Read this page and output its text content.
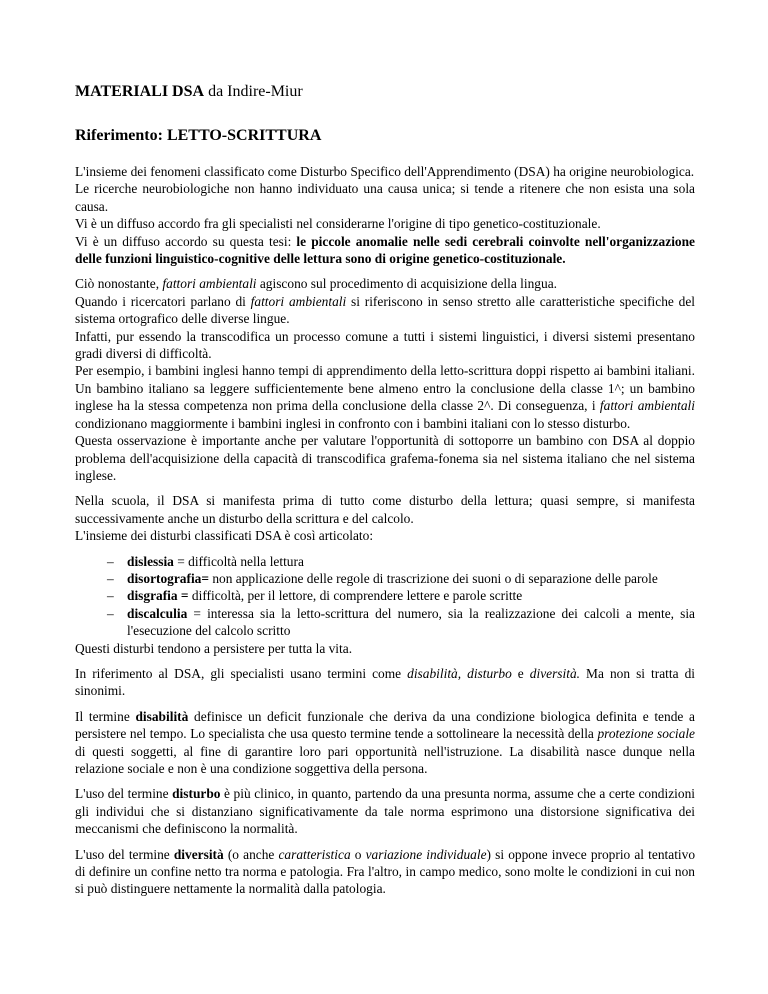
MATERIALI DSA da Indire-Miur
Riferimento: LETTO-SCRITTURA

L'insieme dei fenomeni classificato come Disturbo Specifico dell'Apprendimento (DSA) ha origine neurobiologica.
Le ricerche neurobiologiche non hanno individuato una causa unica; si tende a ritenere che non esista una sola causa.
Vi è un diffuso accordo fra gli specialisti nel considerarne l'origine di tipo genetico-costituzionale.
Vi è un diffuso accordo su questa tesi: le piccole anomalie nelle sedi cerebrali coinvolte nell'organizzazione delle funzioni linguistico-cognitive delle lettura sono di origine genetico-costituzionale.

Ciò nonostante, fattori ambientali agiscono sul procedimento di acquisizione della lingua.
Quando i ricercatori parlano di fattori ambientali si riferiscono in senso stretto alle caratteristiche specifiche del sistema ortografico delle diverse lingue.
Infatti, pur essendo la transcodifica un processo comune a tutti i sistemi linguistici, i diversi sistemi presentano gradi diversi di difficoltà.
Per esempio, i bambini inglesi hanno tempi di apprendimento della letto-scrittura doppi rispetto ai bambini italiani. Un bambino italiano sa leggere sufficientemente bene almeno entro la conclusione della classe 1^; un bambino inglese ha la stessa competenza non prima della conclusione della classe 2^. Di conseguenza, i fattori ambientali condizionano maggiormente i bambini inglesi in confronto con i bambini italiani con lo stesso disturbo.
Questa osservazione è importante anche per valutare l'opportunità di sottoporre un bambino con DSA al doppio problema dell'acquisizione della capacità di transcodifica grafema-fonema sia nel sistema italiano che nel sistema inglese.

Nella scuola, il DSA si manifesta prima di tutto come disturbo della lettura; quasi sempre, si manifesta successivamente anche un disturbo della scrittura e del calcolo.
L'insieme dei disturbi classificati DSA è così articolato:

– dislessia = difficoltà nella lettura
– disortografia= non applicazione delle regole di trascrizione dei suoni o di separazione delle parole
– disgrafia = difficoltà, per il lettore, di comprendere lettere e parole scritte
– discalculia = interessa sia la letto-scrittura del numero, sia la realizzazione dei calcoli a mente, sia l'esecuzione del calcolo scritto
Questi disturbi tendono a persistere per tutta la vita.

In riferimento al DSA, gli specialisti usano termini come disabilità, disturbo e diversità. Ma non si tratta di sinonimi.

Il termine disabilità definisce un deficit funzionale che deriva da una condizione biologica definita e tende a persistere nel tempo. Lo specialista che usa questo termine tende a sottolineare la necessità della protezione sociale di questi soggetti, al fine di garantire loro pari opportunità nell'istruzione. La disabilità nasce dunque nella relazione sociale e non è una condizione soggettiva della persona.

L'uso del termine disturbo è più clinico, in quanto, partendo da una presunta norma, assume che a certe condizioni gli individui che si distanziano significativamente da tale norma esprimono una distorsione significativa dei meccanismi che definiscono la normalità.

L'uso del termine diversità (o anche caratteristica o variazione individuale) si oppone invece proprio al tentativo di definire un confine netto tra norma e patologia. Fra l'altro, in campo medico, sono molte le condizioni in cui non si può distinguere nettamente la normalità dalla patologia.
